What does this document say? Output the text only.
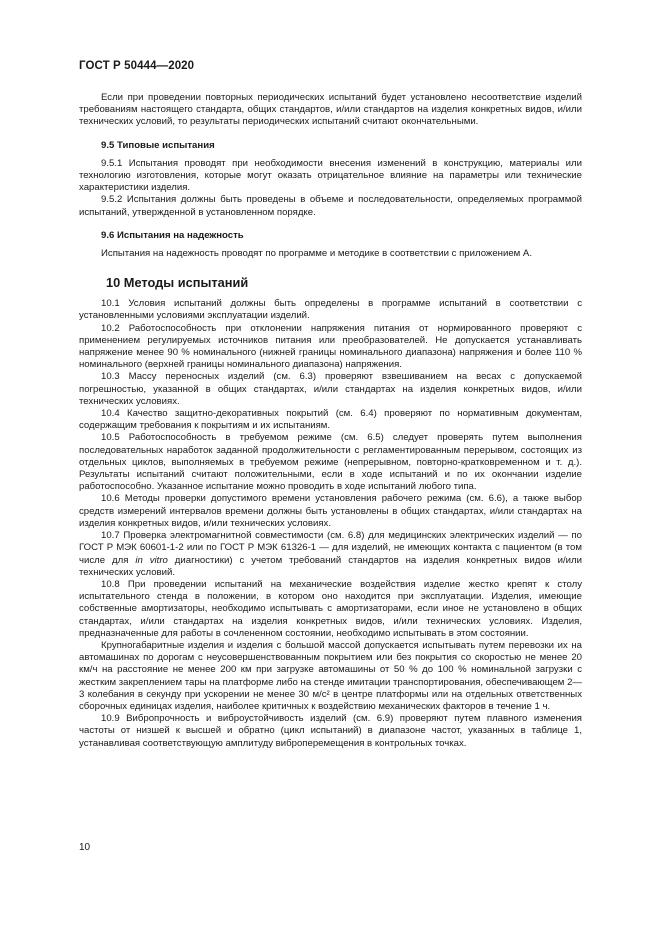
ГОСТ Р 50444—2020

Если при проведении повторных периодических испытаний будет установлено несоответствие изделий требованиям настоящего стандарта, общих стандартов, и/или стандартов на изделия конкретных видов, и/или технических условий, то результаты периодических испытаний считают окончательными.

9.5 Типовые испытания

9.5.1 Испытания проводят при необходимости внесения изменений в конструкцию, материалы или технологию изготовления, которые могут оказать отрицательное влияние на параметры или технические характеристики изделия.

9.5.2 Испытания должны быть проведены в объеме и последовательности, определяемых программой испытаний, утвержденной в установленном порядке.

9.6 Испытания на надежность

Испытания на надежность проводят по программе и методике в соответствии с приложением А.

10 Методы испытаний

10.1 Условия испытаний должны быть определены в программе испытаний в соответствии с установленными условиями эксплуатации изделий.

10.2 Работоспособность при отклонении напряжения питания от нормированного проверяют с применением регулируемых источников питания или преобразователей. Не допускается устанавливать напряжение менее 90 % номинального (нижней границы номинального диапазона) напряжения и более 110 % номинального (верхней границы номинального диапазона) напряжения.

10.3 Массу переносных изделий (см. 6.3) проверяют взвешиванием на весах с допускаемой погрешностью, указанной в общих стандартах, и/или стандартах на изделия конкретных видов, и/или технических условиях.

10.4 Качество защитно-декоративных покрытий (см. 6.4) проверяют по нормативным документам, содержащим требования к покрытиям и их испытаниям.

10.5 Работоспособность в требуемом режиме (см. 6.5) следует проверять путем выполнения последовательных наработок заданной продолжительности с регламентированным перерывом, состоящих из отдельных циклов, выполняемых в требуемом режиме (непрерывном, повторно-кратковременном и т. д.). Результаты испытаний считают положительными, если в ходе испытаний и по их окончании изделие работоспособно. Указанное испытание можно проводить в ходе испытаний любого типа.

10.6 Методы проверки допустимого времени установления рабочего режима (см. 6.6), а также выбор средств измерений интервалов времени должны быть установлены в общих стандартах, и/или стандартах на изделия конкретных видов, и/или технических условиях.

10.7 Проверка электромагнитной совместимости (см. 6.8) для медицинских электрических изделий — по ГОСТ Р МЭК 60601-1-2 или по ГОСТ Р МЭК 61326-1 — для изделий, не имеющих контакта с пациентом (в том числе для in vitro диагностики) с учетом требований стандартов на изделия конкретных видов и/или технических условий.

10.8 При проведении испытаний на механические воздействия изделие жестко крепят к столу испытательного стенда в положении, в котором оно находится при эксплуатации. Изделия, имеющие собственные амортизаторы, необходимо испытывать с амортизаторами, если иное не установлено в общих стандартах, и/или стандартах на изделия конкретных видов, и/или технических условиях. Изделия, предназначенные для работы в сочлененном состоянии, необходимо испытывать в этом состоянии.

Крупногабаритные изделия и изделия с большой массой допускается испытывать путем перевозки их на автомашинах по дорогам с неусовершенствованным покрытием или без покрытия со скоростью не менее 20 км/ч на расстояние не менее 200 км при загрузке автомашины от 50 % до 100 % номинальной загрузки с жестким закреплением тары на платформе либо на стенде имитации транспортирования, обеспечивающем 2—3 колебания в секунду при ускорении не менее 30 м/с² в центре платформы или на отдельных ответственных сборочных единицах изделия, наиболее критичных к воздействию механических факторов в течение 1 ч.

10.9 Вибропрочность и виброустойчивость изделий (см. 6.9) проверяют путем плавного изменения частоты от низшей к высшей и обратно (цикл испытаний) в диапазоне частот, указанных в таблице 1, устанавливая соответствующую амплитуду виброперемещения в контрольных точках.

10
